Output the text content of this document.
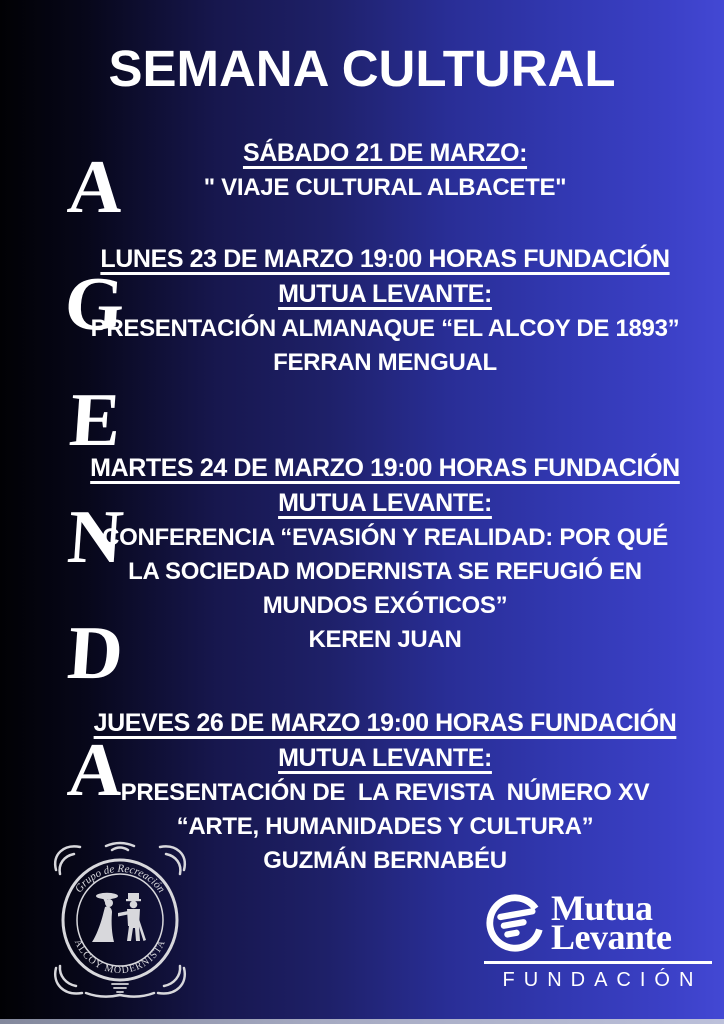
SEMANA CULTURAL
A
G
E
N
D
A
SÁBADO 21 DE MARZO:
" VIAJE CULTURAL ALBACETE"
LUNES 23 DE MARZO 19:00 HORAS FUNDACIÓN
MUTUA LEVANTE:
PRESENTACIÓN ALMANAQUE “EL ALCOY DE 1893”
FERRAN MENGUAL
MARTES 24 DE MARZO 19:00 HORAS FUNDACIÓN
MUTUA LEVANTE:
CONFERENCIA “EVASIÓN Y REALIDAD: POR QUÉ
LA SOCIEDAD MODERNISTA SE REFUGIÓ EN
MUNDOS EXÓTICOS”
KEREN JUAN
JUEVES 26 DE MARZO 19:00 HORAS FUNDACIÓN
MUTUA LEVANTE:
PRESENTACIÓN DE  LA REVISTA  NÚMERO XV
“ARTE, HUMANIDADES Y CULTURA”
GUZMÁN BERNABÉU
Grupo de Recreación
ALCOY MODERNISTA
Mutua
Levante
FUNDACIÓN
